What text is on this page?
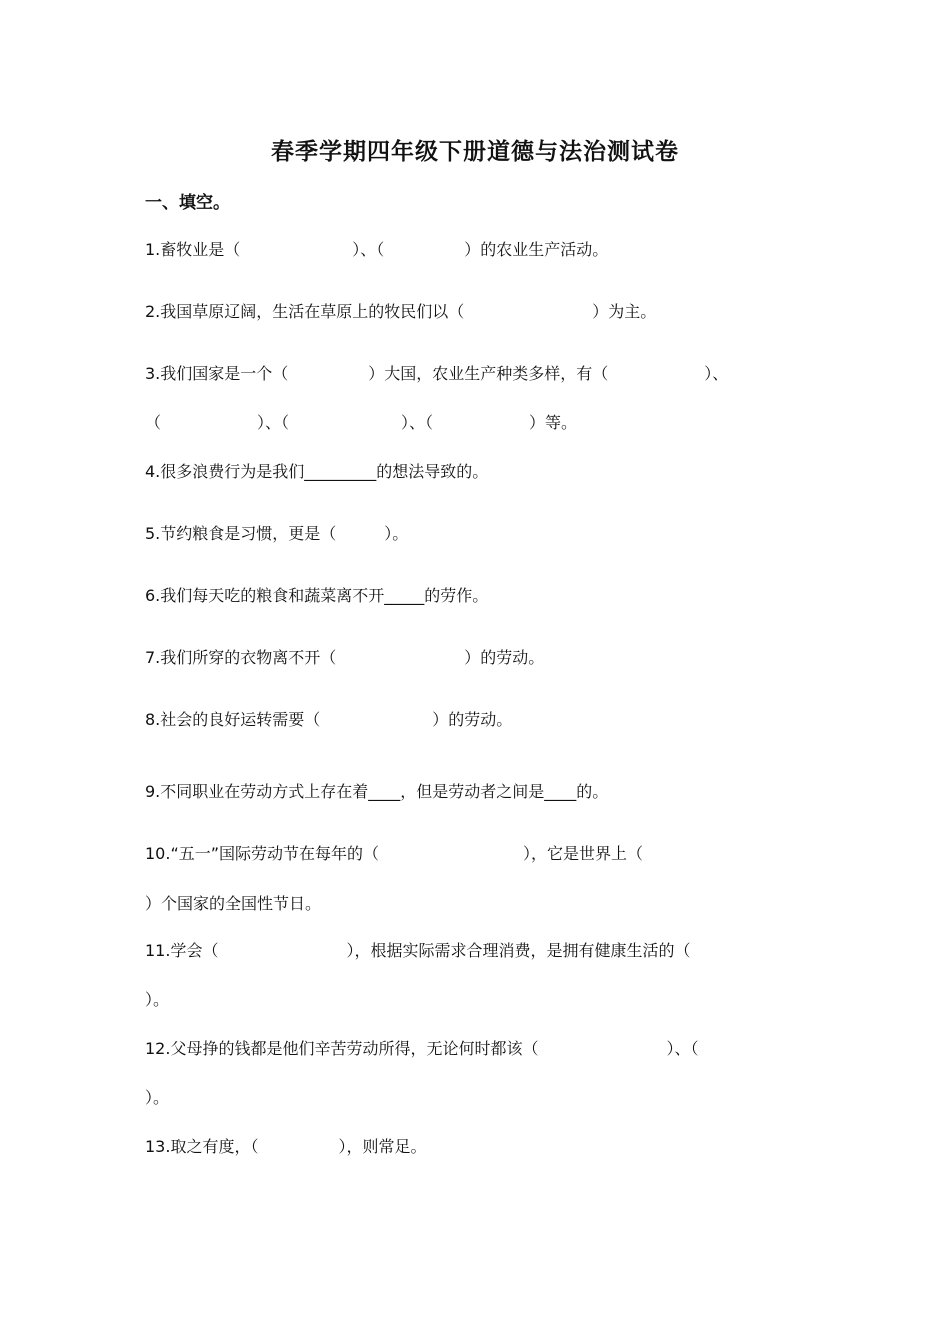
春季学期四年级下册道德与法治测试卷
一、填空。
1.畜牧业是（　　　　　　　）、（　　　　　）的农业生产活动。
2.我国草原辽阔，生活在草原上的牧民们以（　　　　　　　　）为主。
3.我们国家是一个（　　　　　）大国，农业生产种类多样，有（　　　　　　）、
（　　　　　　）、（　　　　　　　）、（　　　　　　）等。
4.很多浪费行为是我们_________的想法导致的。
5.节约粮食是习惯，更是（　　　）。
6.我们每天吃的粮食和蔬菜离不开_____的劳作。
7.我们所穿的衣物离不开（　　　　　　　　）的劳动。
8.社会的良好运转需要（　　　　　　　）的劳动。
9.不同职业在劳动方式上存在着____，但是劳动者之间是____的。
10.“五一”国际劳动节在每年的（　　　　　　　　　），它是世界上（
）个国家的全国性节日。
11.学会（　　　　　　　　），根据实际需求合理消费，是拥有健康生活的（
）。
12.父母挣的钱都是他们辛苦劳动所得，无论何时都该（　　　　　　　　）、（
）。
13.取之有度，（　　　　　），则常足。
